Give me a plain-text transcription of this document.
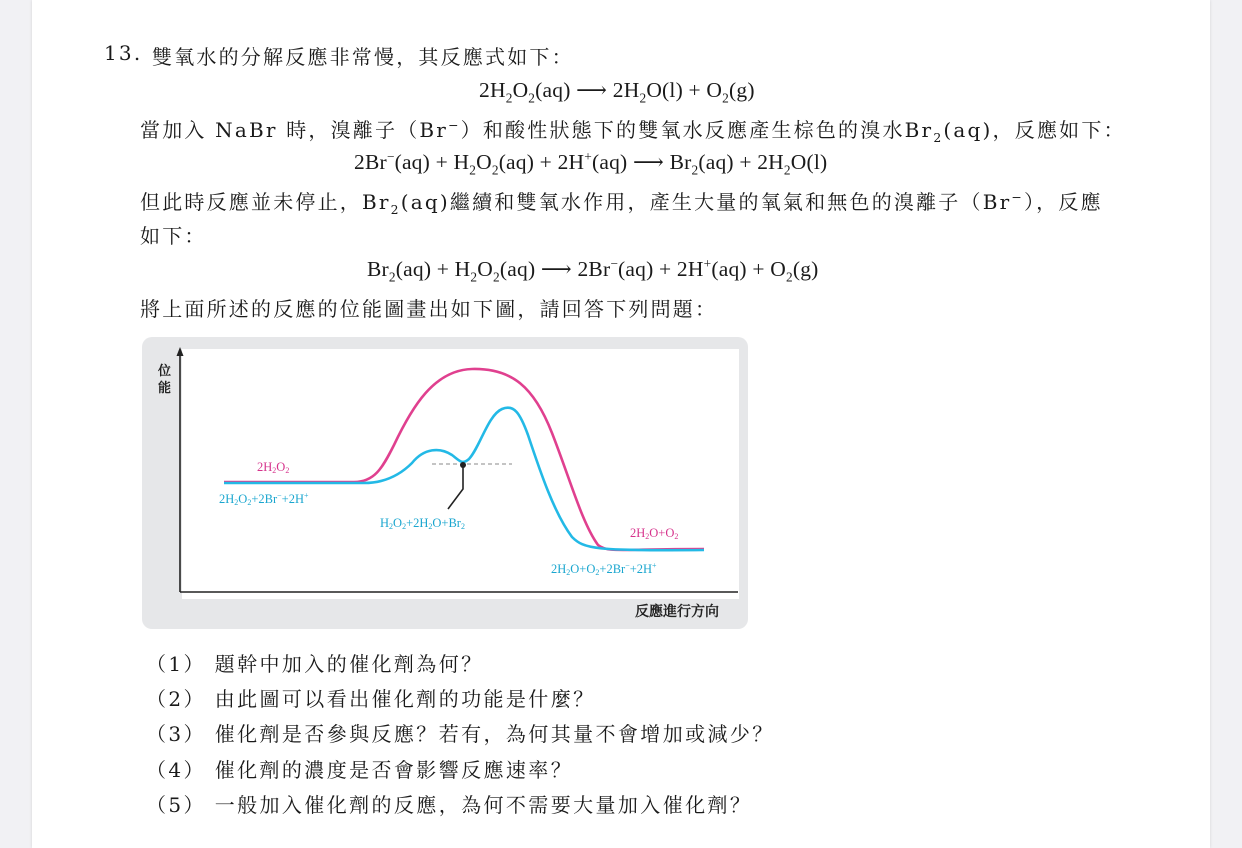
13. 雙氧水的分解反應非常慢，其反應式如下：
$2H_2O_2(aq)$ ⟶ $2H_2O(l) + O_2(g)$
當加入 NaBr 時，溴離子（Br−）和酸性狀態下的雙氧水反應產生棕色的溴水$Br_2(aq)$，反應如下：
$2Br^-(aq) + H_2O_2(aq) + 2H^+(aq)$ ⟶ $Br_2(aq) + 2H_2O(l)$
但此時反應並未停止，$Br_2(aq)$繼續和雙氧水作用，產生大量的氧氣和無色的溴離子（Br−），反應
如下：
$Br_2(aq) + H_2O_2(aq)$ ⟶ $2Br^-(aq) + 2H^+(aq) + O_2(g)$
將上面所述的反應的位能圖畫出如下圖，請回答下列問題：
位
能
反應進行方向
2H2O2
2H2O2+2Br−+2H+
H2O2+2H2O+Br2	2H2O+O2
2H2O+O2+2Br−+2H+
（1） 題幹中加入的催化劑為何？
（2） 由此圖可以看出催化劑的功能是什麼？
（3） 催化劑是否參與反應？若有，為何其量不會增加或減少？
（4） 催化劑的濃度是否會影響反應速率？
（5） 一般加入催化劑的反應，為何不需要大量加入催化劑？
